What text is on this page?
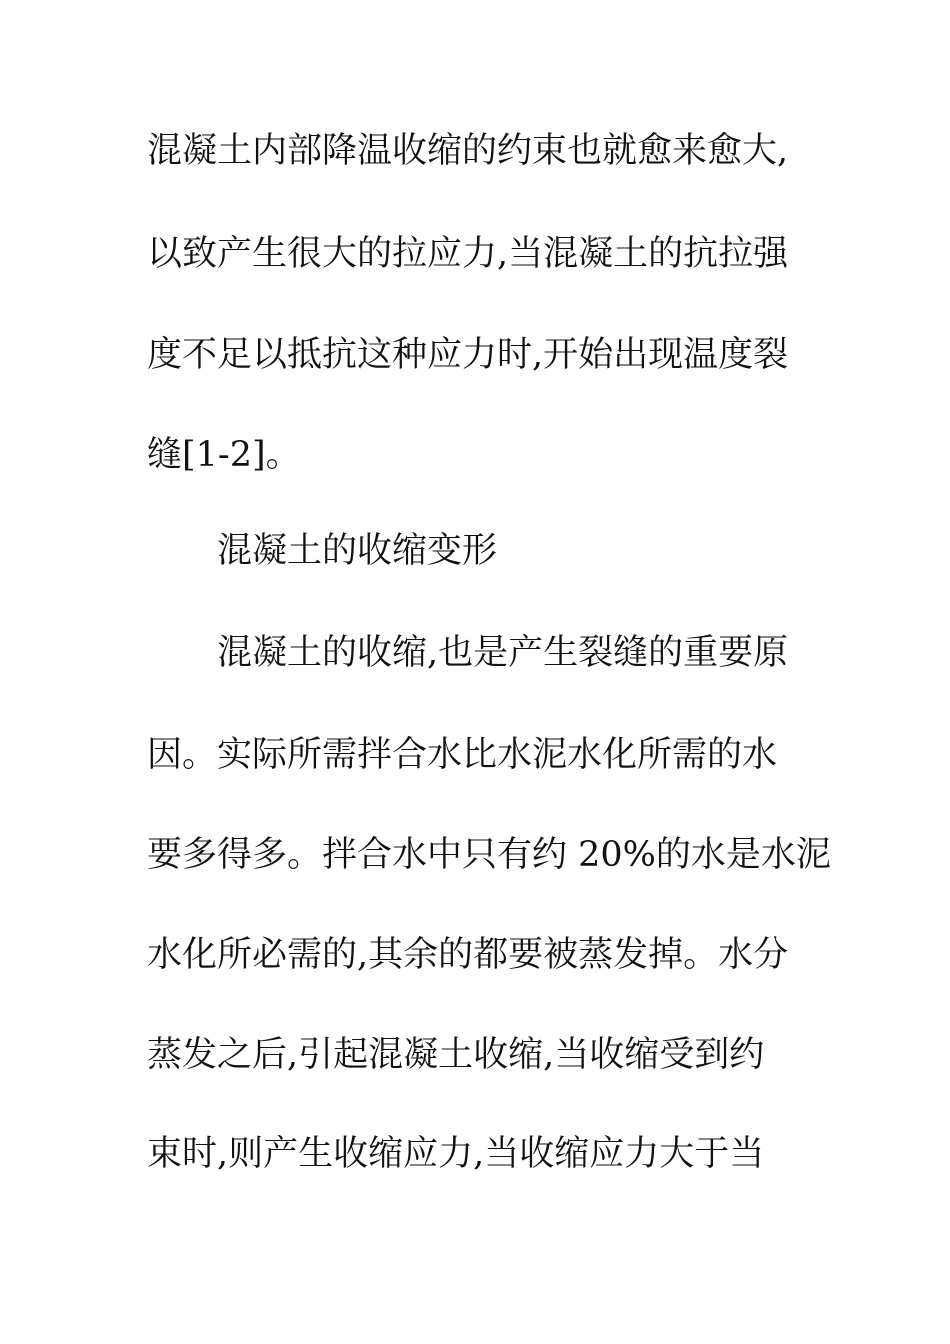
混凝土内部降温收缩的约束也就愈来愈大,
以致产生很大的拉应力,当混凝土的抗拉强
度不足以抵抗这种应力时,开始出现温度裂
缝[1-2]。
混凝土的收缩变形
混凝土的收缩,也是产生裂缝的重要原
因。实际所需拌合水比水泥水化所需的水
要多得多。拌合水中只有约 20%的水是水泥
水化所必需的,其余的都要被蒸发掉。水分
蒸发之后,引起混凝土收缩,当收缩受到约
束时,则产生收缩应力,当收缩应力大于当
